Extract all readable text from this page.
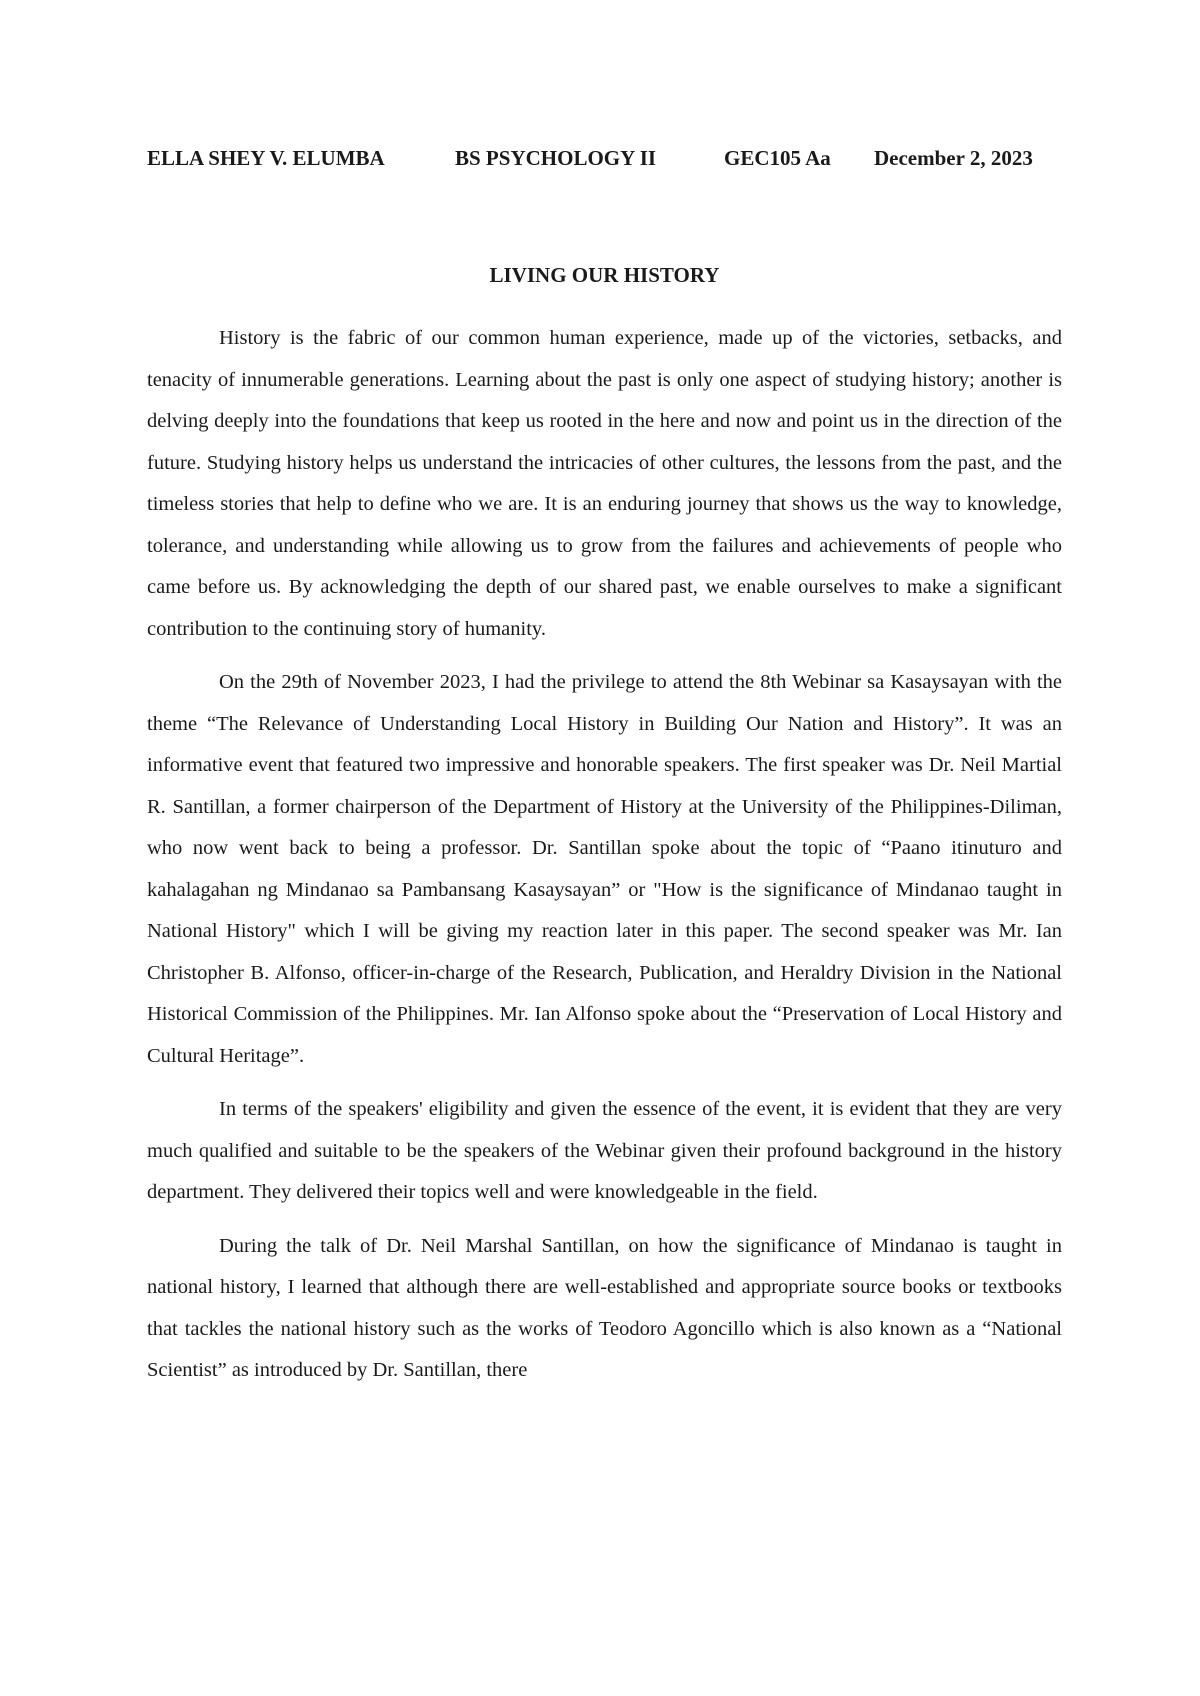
ELLA SHEY V. ELUMBA	BS PSYCHOLOGY II	GEC105 Aa December 2, 2023
LIVING OUR HISTORY

History is the fabric of our common human experience, made up of the victories, setbacks, and tenacity of innumerable generations. Learning about the past is only one aspect of studying history; another is delving deeply into the foundations that keep us rooted in the here and now and point us in the direction of the future. Studying history helps us understand the intricacies of other cultures, the lessons from the past, and the timeless stories that help to define who we are. It is an enduring journey that shows us the way to knowledge, tolerance, and understanding while allowing us to grow from the failures and achievements of people who came before us. By acknowledging the depth of our shared past, we enable ourselves to make a significant contribution to the continuing story of humanity.

On the 29th of November 2023, I had the privilege to attend the 8th Webinar sa Kasaysayan with the theme “The Relevance of Understanding Local History in Building Our Nation and History”. It was an informative event that featured two impressive and honorable speakers. The first speaker was Dr. Neil Martial R. Santillan, a former chairperson of the Department of History at the University of the Philippines-Diliman, who now went back to being a professor. Dr. Santillan spoke about the topic of “Paano itinuturo and kahalagahan ng Mindanao sa Pambansang Kasaysayan” or "How is the significance of Mindanao taught in National History" which I will be giving my reaction later in this paper. The second speaker was Mr. Ian Christopher B. Alfonso, officer-in-charge of the Research, Publication, and Heraldry Division in the National Historical Commission of the Philippines. Mr. Ian Alfonso spoke about the “Preservation of Local History and Cultural Heritage”.

In terms of the speakers' eligibility and given the essence of the event, it is evident that they are very much qualified and suitable to be the speakers of the Webinar given their profound background in the history department. They delivered their topics well and were knowledgeable in the field.

During the talk of Dr. Neil Marshal Santillan, on how the significance of Mindanao is taught in national history, I learned that although there are well-established and appropriate source books or textbooks that tackles the national history such as the works of Teodoro Agoncillo which is also known as a “National Scientist” as introduced by Dr. Santillan, there
